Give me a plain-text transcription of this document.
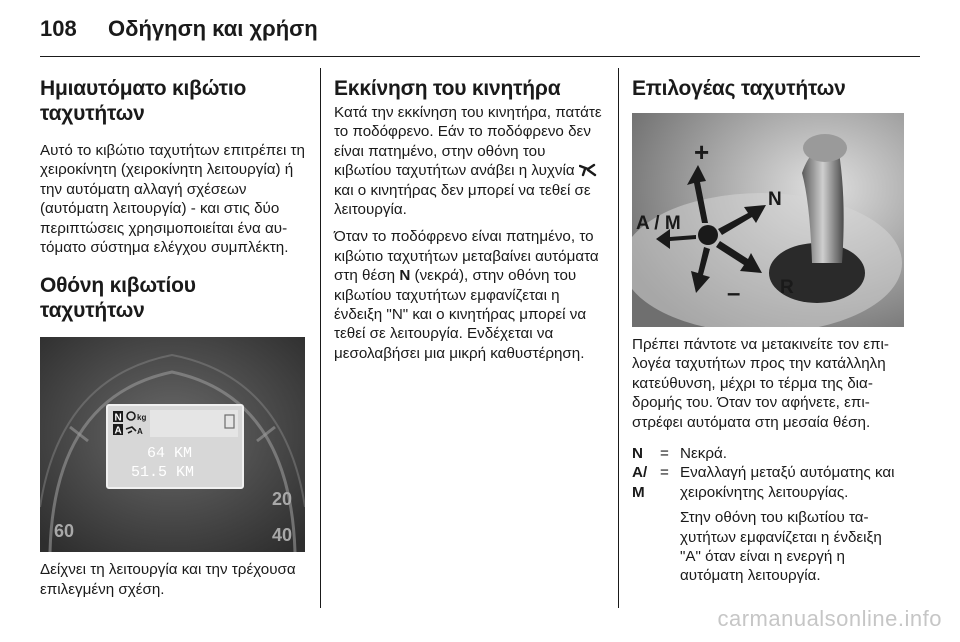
108 Οδήγηση και χρήση
Ημιαυτόματο κιβώτιο
ταχυτήτων

Αυτό το κιβώτιο ταχυτήτων επιτρέπει τη χειροκίνητη (χειροκίνητη λειτουργία) ή την αυτόματη αλλαγή σχέσεων (αυτόματη λειτουργία) - και στις δύο περιπτώσεις χρησιμοποιείται ένα αυτόματο σύστημα ελέγχου συμπλέκτη.

Οθόνη κιβωτίου ταχυτήτων
60
20
40
N
A
kg
A
64 KM
51.5 KM

Δείχνει τη λειτουργία και την τρέχουσα επιλεγμένη σχέση.

Εκκίνηση του κινητήρα

Κατά την εκκίνηση του κινητήρα, πατάτε το ποδόφρενο. Εάν το ποδόφρενο δεν είναι πατημένο, στην οθόνη του κιβωτίου ταχυτήτων ανάβει η λυχνία  και ο κινητήρας δεν μπορεί να τεθεί σε λειτουργία.

Όταν το ποδόφρενο είναι πατημένο, το κιβώτιο ταχυτήτων μεταβαίνει αυτόματα στη θέση N (νεκρά), στην οθόνη του κιβωτίου ταχυτήτων εμφανίζεται η ένδειξη "N" και ο κινητήρας μπορεί να τεθεί σε λειτουργία. Ενδέχεται να μεσολαβήσει μια μικρή καθυστέρηση.

Επιλογέας ταχυτήτων
+
A / M
N
R
–

Πρέπει πάντοτε να μετακινείτε τον επιλογέα ταχυτήτων προς την κατάλληλη κατεύθυνση, μέχρι το τέρμα της διαδρομής του. Όταν τον αφήνετε, επιστρέφει αυτόματα στη μεσαία θέση.

N	=	Νεκρά.
A/ M	=	Εναλλαγή μεταξύ αυτόματης και χειροκίνητης λειτουργίας.

Στην οθόνη του κιβωτίου ταχυτήτων εμφανίζεται η ένδειξη "A" όταν είναι η ενεργή η αυτόματη λειτουργία.

carmanualsonline.info
